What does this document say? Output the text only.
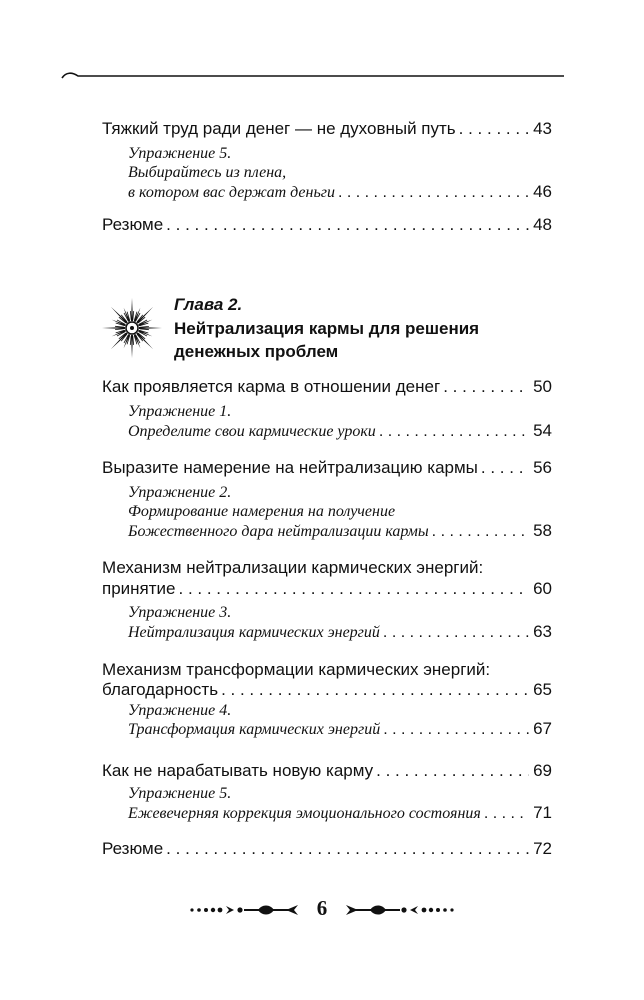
Тяжкий труд ради денег — не духовный путь . . .	43
Упражнение 5.
Выбирайтесь из плена,
в котором вас держат деньги . . .	46
Резюме . . .	48
Глава 2.
Нейтрализация кармы для решения
денежных проблем
Как проявляется карма в отношении денег . . .	50
Упражнение 1.
Определите свои кармические уроки . . .	54
Выразите намерение на нейтрализацию кармы . . .	56
Упражнение 2.
Формирование намерения на получение
Божественного дара нейтрализации кармы . . .	58
Механизм нейтрализации кармических энергий:
принятие . . .	60
Упражнение 3.
Нейтрализация кармических энергий . . .	63
Механизм трансформации кармических энергий:
благодарность . . .	65
Упражнение 4.
Трансформация кармических энергий . . .	67
Как не нарабатывать новую карму . . .	69
Упражнение 5.
Ежевечерняя коррекция эмоционального состояния . . .	71
Резюме . . .	72
6
